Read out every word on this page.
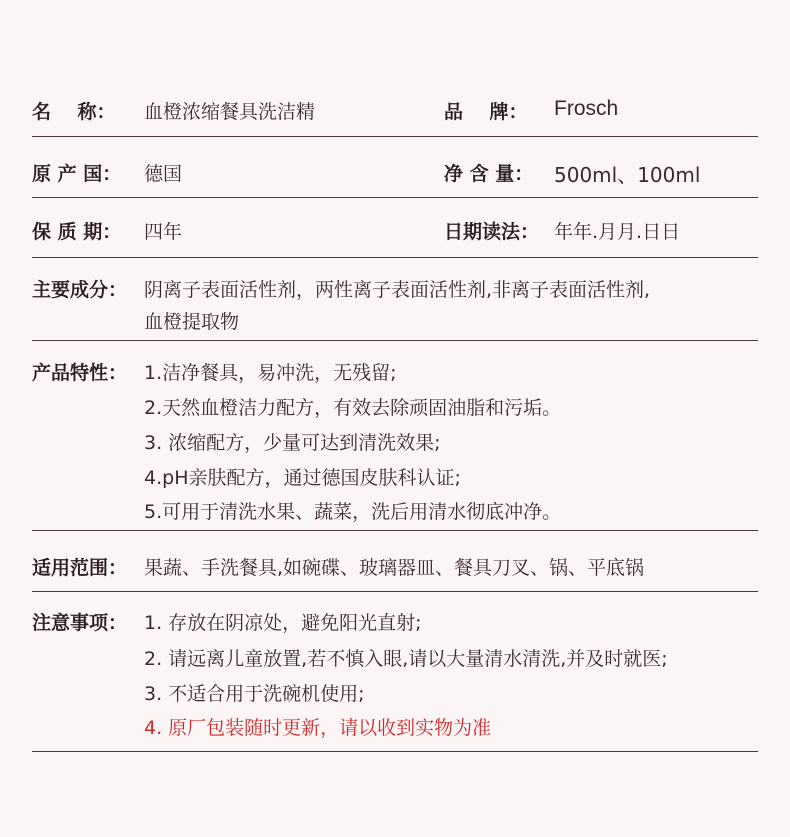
名    称： 血橙浓缩餐具洗洁精	品    牌： Frosch
原 产 国： 德国	净 含 量： 500ml、100ml
保 质 期： 四年	日期读法： 年年.月月.日日
主要成分： 阴离子表面活性剂，两性离子表面活性剂,非离子表面活性剂,
血橙提取物
产品特性： 1.洁净餐具，易冲洗，无残留;
2.天然血橙洁力配方，有效去除顽固油脂和污垢。
3. 浓缩配方，少量可达到清洗效果;
4.pH亲肤配方，通过德国皮肤科认证;
5.可用于清洗水果、蔬菜，洗后用清水彻底冲净。
适用范围： 果蔬、手洗餐具,如碗碟、玻璃器皿、餐具刀叉、锅、平底锅
注意事项： 1. 存放在阴凉处，避免阳光直射;
2. 请远离儿童放置,若不慎入眼,请以大量清水清洗,并及时就医;
3. 不适合用于洗碗机使用;
4. 原厂包装随时更新，请以收到实物为准
